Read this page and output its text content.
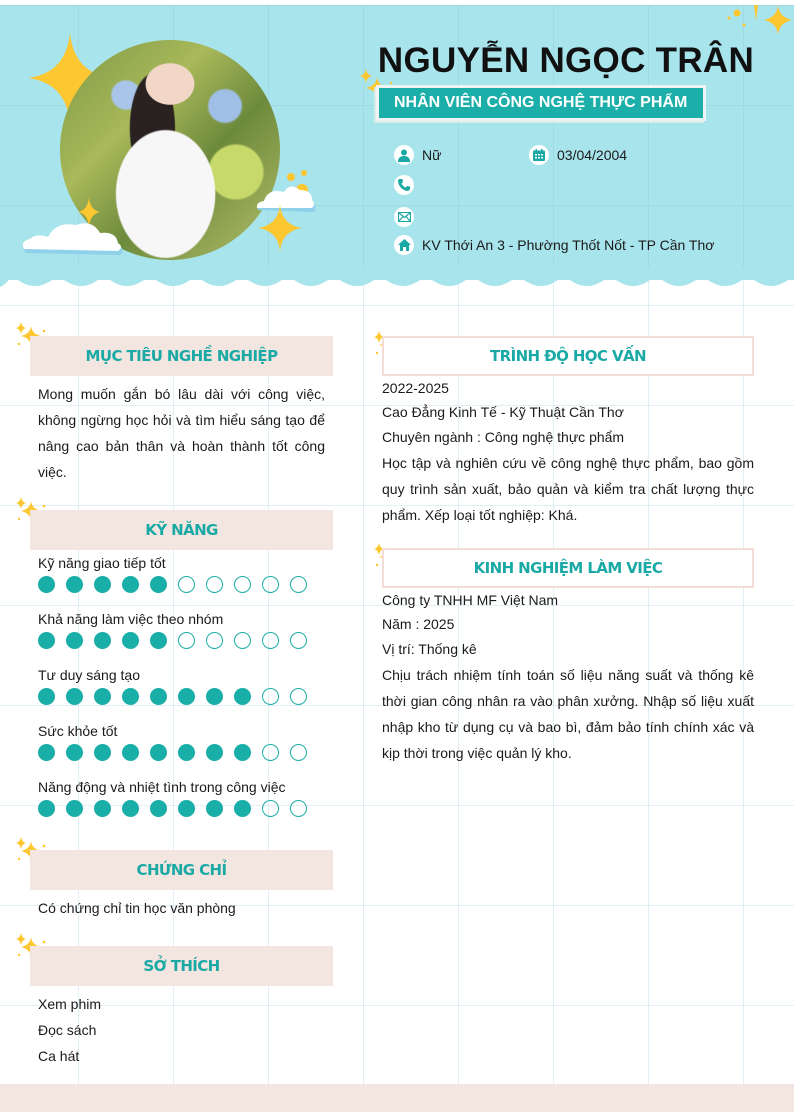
NGUYỄN NGỌC TRÂN
NHÂN VIÊN CÔNG NGHỆ THỰC PHẨM
Nữ	03/04/2004
KV Thới An 3 - Phường Thốt Nốt - TP Cần Thơ
MỤC TIÊU NGHỀ NGHIỆP
Mong muốn gắn bó lâu dài với công việc, không ngừng học hỏi và tìm hiểu sáng tạo để nâng cao bản thân và hoàn thành tốt công việc.
KỸ NĂNG
Kỹ năng giao tiếp tốt
Khả năng làm việc theo nhóm
Tư duy sáng tạo
Sức khỏe tốt
Năng động và nhiệt tình trong công việc
CHỨNG CHỈ
Có chứng chỉ tin học văn phòng
SỞ THÍCH
Xem phim
Đọc sách
Ca hát
TRÌNH ĐỘ HỌC VẤN
2022-2025
Cao Đẳng Kinh Tế - Kỹ Thuật Cần Thơ
Chuyên ngành : Công nghệ thực phẩm
Học tập và nghiên cứu về công nghệ thực phẩm, bao gồm quy trình sản xuất, bảo quản và kiểm tra chất lượng thực phẩm. Xếp loại tốt nghiệp: Khá.
KINH NGHIỆM LÀM VIỆC
Công ty TNHH MF Việt Nam
Năm : 2025
Vị trí: Thống kê
Chịu trách nhiệm tính toán số liệu năng suất và thống kê thời gian công nhân ra vào phân xưởng. Nhập số liệu xuất nhập kho từ dụng cụ và bao bì, đảm bảo tính chính xác và kịp thời trong việc quản lý kho.
